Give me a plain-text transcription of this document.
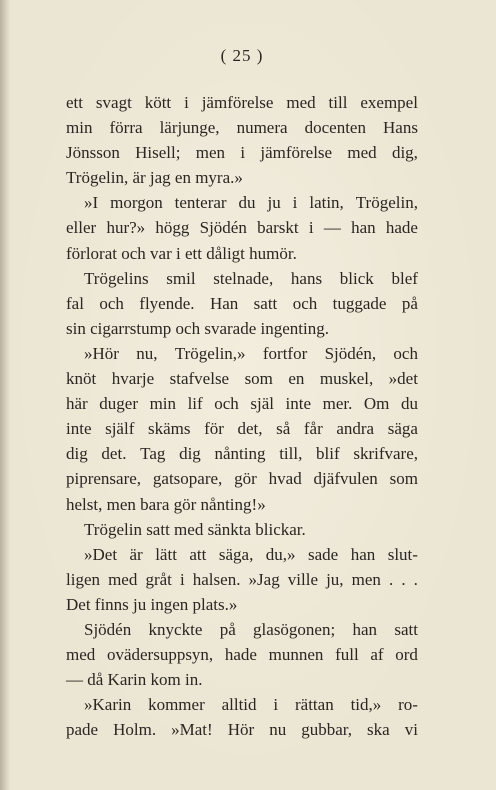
( 25 )
ett svagt kött i jämförelse med till exempel
min förra lärjunge, numera docenten Hans
Jönsson Hisell; men i jämförelse med dig,
Trögelin, är jag en myra.»
»I morgon tenterar du ju i latin, Trögelin,
eller hur?» högg Sjödén barskt i — han hade
förlorat och var i ett dåligt humör.
Trögelins smil stelnade, hans blick blef
fal och flyende. Han satt och tuggade på
sin cigarrstump och svarade ingenting.
»Hör nu, Trögelin,» fortfor Sjödén, och
knöt hvarje stafvelse som en muskel, »det
här duger min lif och själ inte mer. Om du
inte själf skäms för det, så får andra säga
dig det. Tag dig nånting till, blif skrifvare,
piprensare, gatsopare, gör hvad djäfvulen som
helst, men bara gör nånting!»
Trögelin satt med sänkta blickar.
»Det är lätt att säga, du,» sade han slut-
ligen med gråt i halsen. »Jag ville ju, men . . .
Det finns ju ingen plats.»
Sjödén knyckte på glasögonen; han satt
med ovädersuppsyn, hade munnen full af ord
— då Karin kom in.
»Karin kommer alltid i rättan tid,» ro-
pade Holm. »Mat! Hör nu gubbar, ska vi
